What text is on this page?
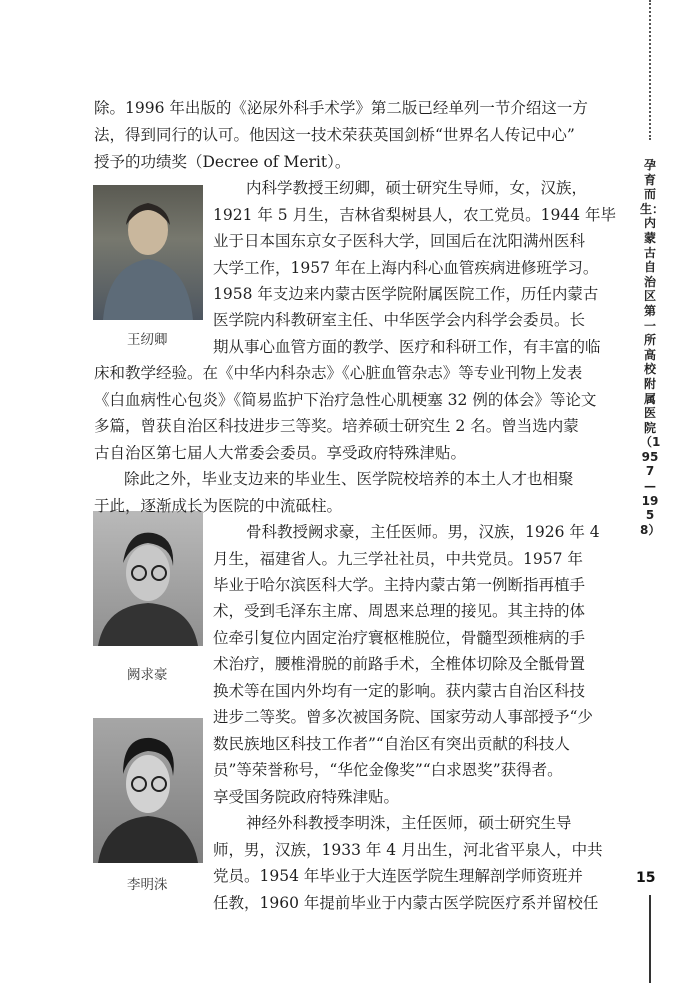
孕育而生：内蒙古自治区第一所高校附属医院（1957—1958）
15
王纫卿
阙求豪
李明洙
除。1996 年出版的《泌尿外科手术学》第二版已经单列一节介绍这一方
法，得到同行的认可。他因这一技术荣获英国剑桥“世界名人传记中心”
授予的功绩奖（Decree of Merit）。
内科学教授王纫卿，硕士研究生导师，女，汉族，
1921 年 5 月生，吉林省梨树县人，农工党员。1944 年毕
业于日本国东京女子医科大学，回国后在沈阳满州医科
大学工作，1957 年在上海内科心血管疾病进修班学习。
1958 年支边来内蒙古医学院附属医院工作，历任内蒙古
医学院内科教研室主任、中华医学会内科学会委员。长
期从事心血管方面的教学、医疗和科研工作，有丰富的临
床和教学经验。在《中华内科杂志》《心脏血管杂志》等专业刊物上发表
《白血病性心包炎》《简易监护下治疗急性心肌梗塞 32 例的体会》等论文
多篇，曾获自治区科技进步三等奖。培养硕士研究生 2 名。曾当选内蒙
古自治区第七届人大常委会委员。享受政府特殊津贴。
除此之外，毕业支边来的毕业生、医学院校培养的本土人才也相聚
于此，逐渐成长为医院的中流砥柱。
骨科教授阙求豪，主任医师。男，汉族，1926 年 4
月生，福建省人。九三学社社员，中共党员。1957 年
毕业于哈尔滨医科大学。主持内蒙古第一例断指再植手
术，受到毛泽东主席、周恩来总理的接见。其主持的体
位牵引复位内固定治疗寰枢椎脱位，骨髓型颈椎病的手
术治疗，腰椎滑脱的前路手术，全椎体切除及全骶骨置
换术等在国内外均有一定的影响。获内蒙古自治区科技
进步二等奖。曾多次被国务院、国家劳动人事部授予“少
数民族地区科技工作者”“自治区有突出贡献的科技人
员”等荣誉称号，“华佗金像奖”“白求恩奖”获得者。
享受国务院政府特殊津贴。
神经外科教授李明洙，主任医师，硕士研究生导
师，男，汉族，1933 年 4 月出生，河北省平泉人，中共
党员。1954 年毕业于大连医学院生理解剖学师资班并
任教，1960 年提前毕业于内蒙古医学院医疗系并留校任
